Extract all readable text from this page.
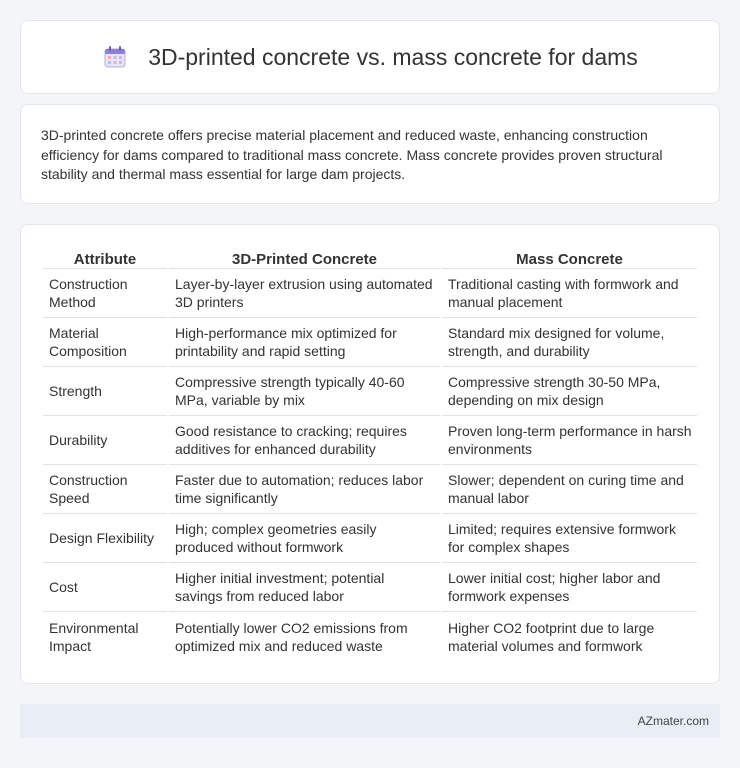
3D-printed concrete vs. mass concrete for dams

3D-printed concrete offers precise material placement and reduced waste, enhancing construction efficiency for dams compared to traditional mass concrete. Mass concrete provides proven structural stability and thermal mass essential for large dam projects.

Attribute	3D-Printed Concrete	Mass Concrete
Construction Method	Layer-by-layer extrusion using automated 3D printers	Traditional casting with formwork and manual placement
Material Composition	High-performance mix optimized for printability and rapid setting	Standard mix designed for volume, strength, and durability
Strength	Compressive strength typically 40-60 MPa, variable by mix	Compressive strength 30-50 MPa, depending on mix design
Durability	Good resistance to cracking; requires additives for enhanced durability	Proven long-term performance in harsh environments
Construction Speed	Faster due to automation; reduces labor time significantly	Slower; dependent on curing time and manual labor
Design Flexibility	High; complex geometries easily produced without formwork	Limited; requires extensive formwork for complex shapes
Cost	Higher initial investment; potential savings from reduced labor	Lower initial cost; higher labor and formwork expenses
Environmental Impact	Potentially lower CO2 emissions from optimized mix and reduced waste	Higher CO2 footprint due to large material volumes and formwork
AZmater.com
